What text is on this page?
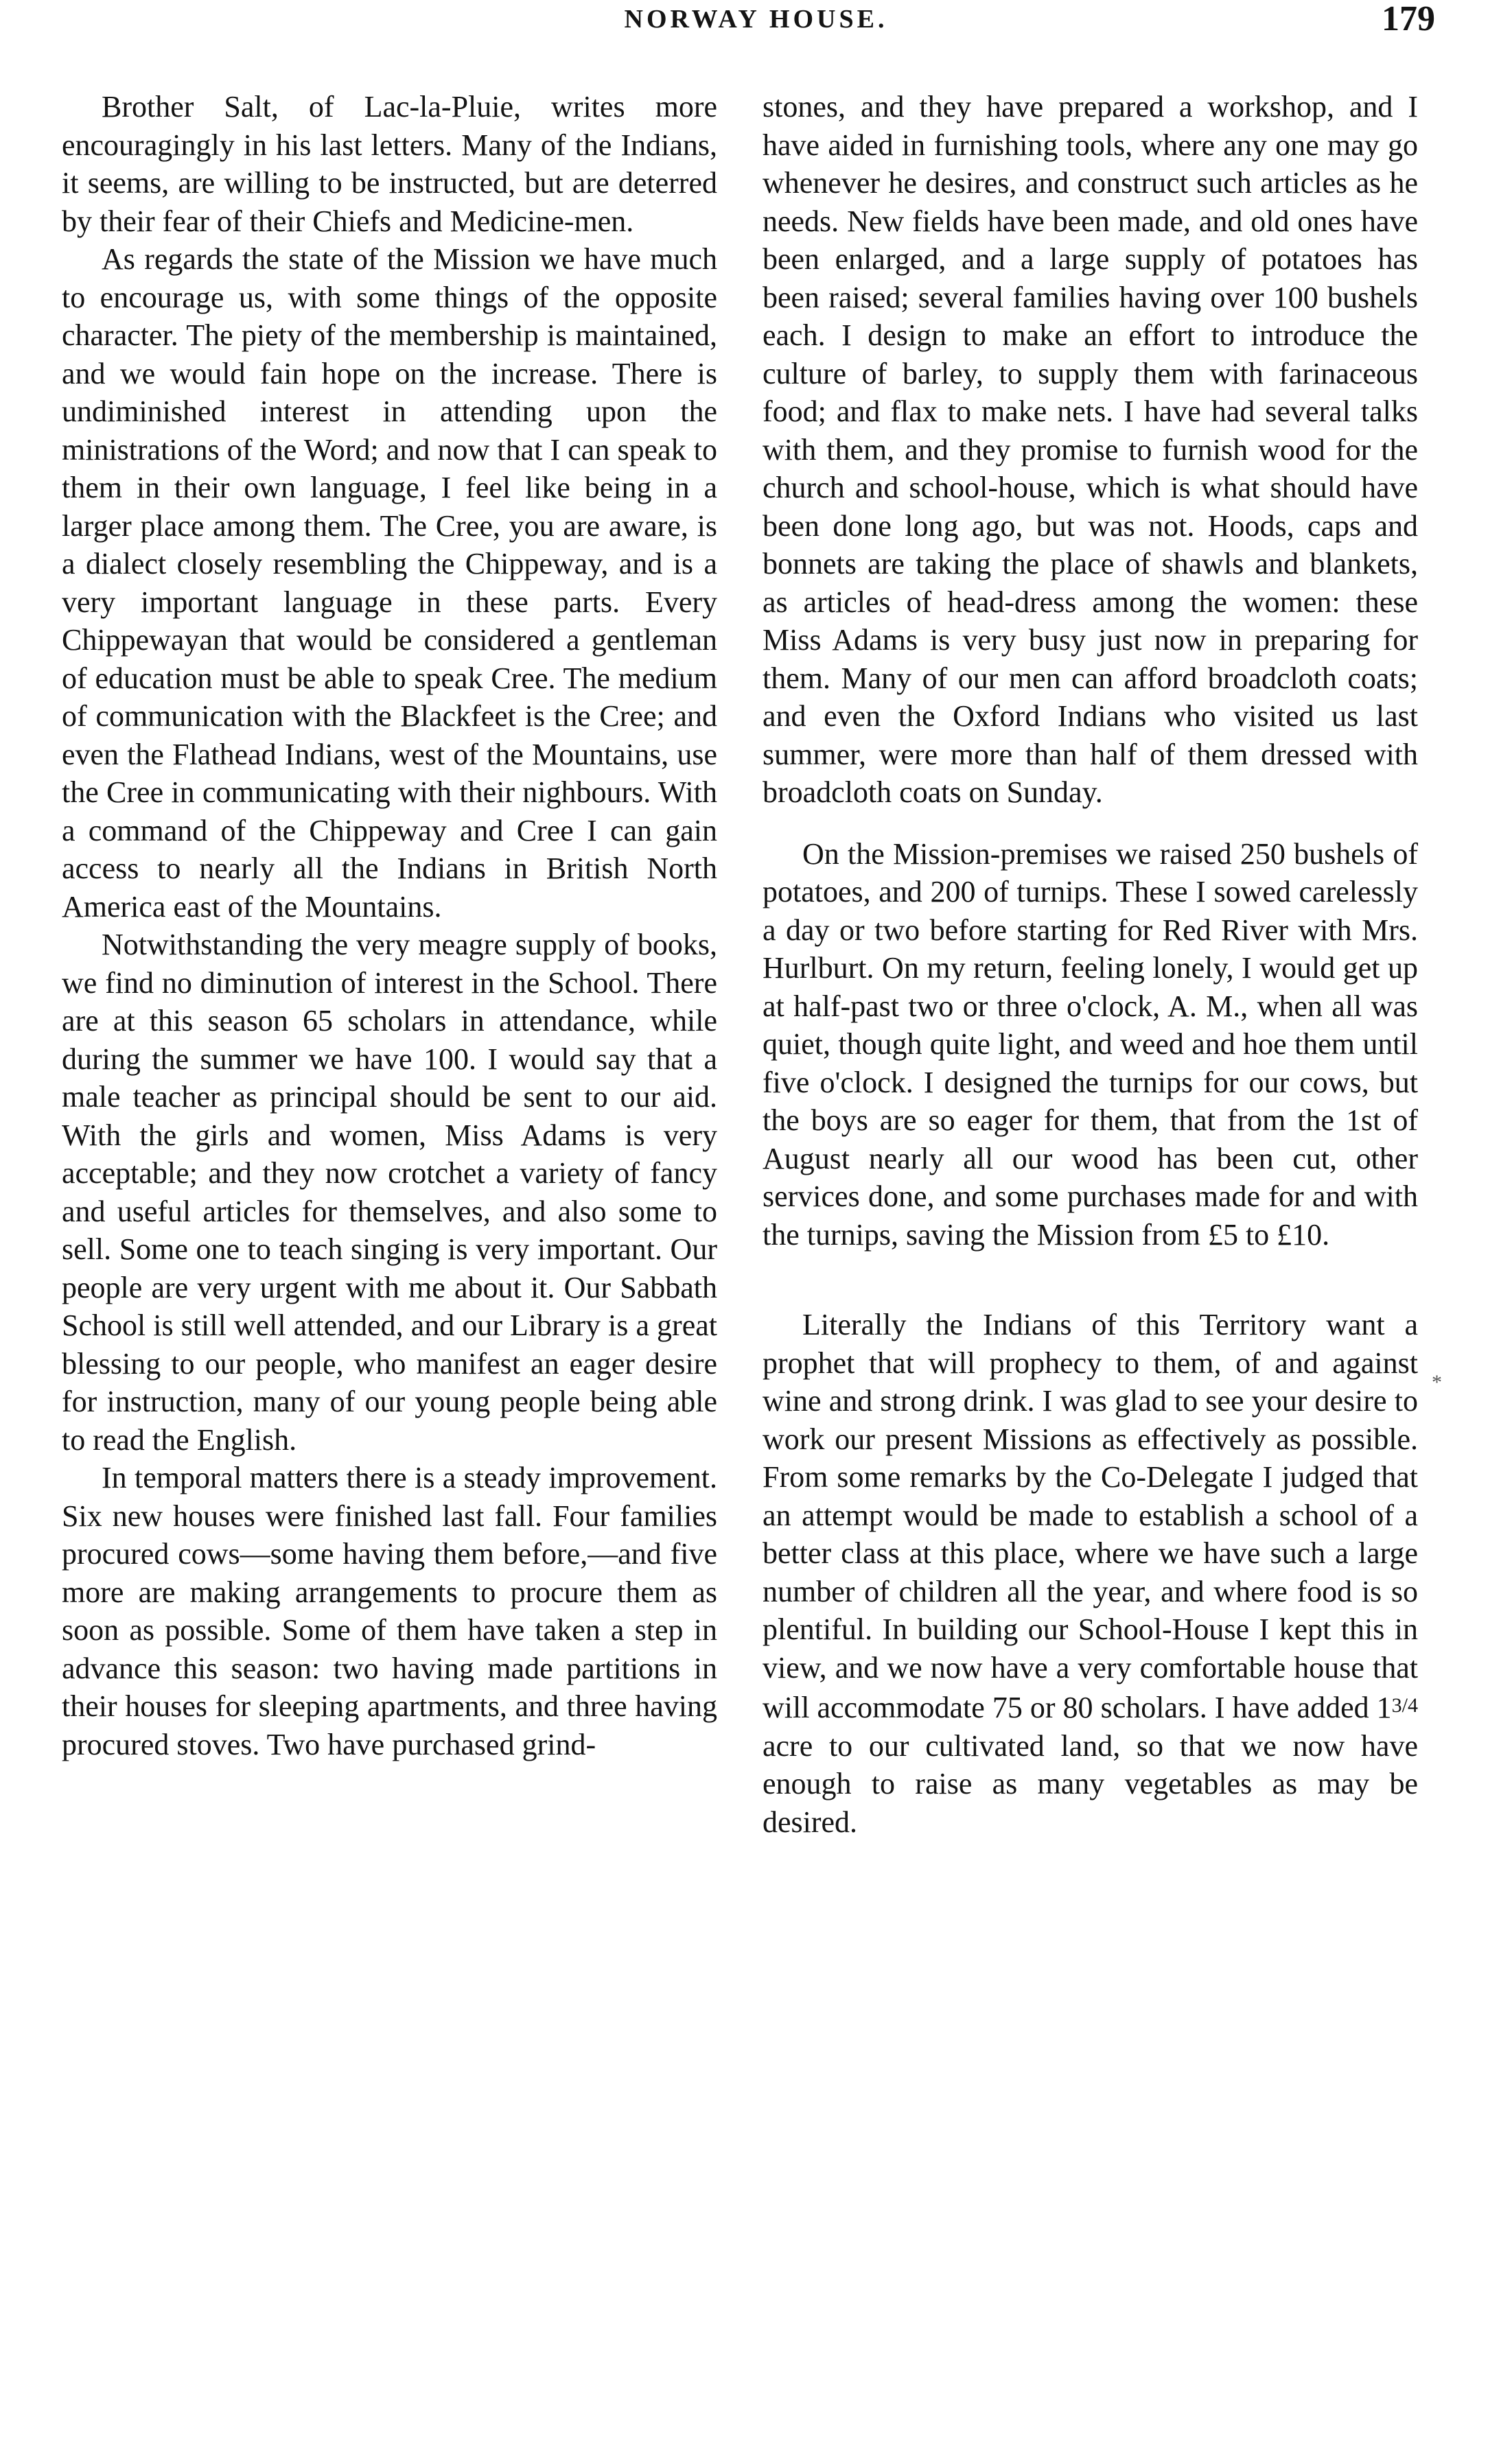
NORWAY HOUSE.	179

Brother Salt, of Lac-la-Pluie, writes more encouragingly in his last letters. Many of the Indians, it seems, are willing to be instructed, but are deterred by their fear of their Chiefs and Medicine-men.

As regards the state of the Mission we have much to encourage us, with some things of the opposite character. The piety of the membership is maintained, and we would fain hope on the increase. There is undiminished interest in attending upon the ministrations of the Word; and now that I can speak to them in their own language, I feel like being in a larger place among them. The Cree, you are aware, is a dialect closely resembling the Chippeway, and is a very important language in these parts. Every Chippewayan that would be considered a gentleman of education must be able to speak Cree. The medium of communication with the Blackfeet is the Cree; and even the Flathead Indians, west of the Mountains, use the Cree in communicating with their nighbours. With a command of the Chippeway and Cree I can gain access to nearly all the Indians in British North America east of the Mountains.

Notwithstanding the very meagre supply of books, we find no diminution of interest in the School. There are at this season 65 scholars in attendance, while during the summer we have 100. I would say that a male teacher as principal should be sent to our aid. With the girls and women, Miss Adams is very acceptable; and they now crotchet a variety of fancy and useful articles for themselves, and also some to sell. Some one to teach singing is very important. Our people are very urgent with me about it. Our Sabbath School is still well attended, and our Library is a great blessing to our people, who manifest an eager desire for instruction, many of our young people being able to read the English.

In temporal matters there is a steady improvement. Six new houses were finished last fall. Four families procured cows—some having them before,—and five more are making arrangements to procure them as soon as possible. Some of them have taken a step in advance this season: two having made partitions in their houses for sleeping apartments, and three having procured stoves. Two have purchased grind-

stones, and they have prepared a workshop, and I have aided in furnishing tools, where any one may go whenever he desires, and construct such articles as he needs. New fields have been made, and old ones have been enlarged, and a large supply of potatoes has been raised; several families having over 100 bushels each. I design to make an effort to introduce the culture of barley, to supply them with farinaceous food; and flax to make nets. I have had several talks with them, and they promise to furnish wood for the church and school-house, which is what should have been done long ago, but was not. Hoods, caps and bonnets are taking the place of shawls and blankets, as articles of head-dress among the women: these Miss Adams is very busy just now in preparing for them. Many of our men can afford broadcloth coats; and even the Oxford Indians who visited us last summer, were more than half of them dressed with broadcloth coats on Sunday.

On the Mission-premises we raised 250 bushels of potatoes, and 200 of turnips. These I sowed carelessly a day or two before starting for Red River with Mrs. Hurlburt. On my return, feeling lonely, I would get up at half-past two or three o'clock, A. M., when all was quiet, though quite light, and weed and hoe them until five o'clock. I designed the turnips for our cows, but the boys are so eager for them, that from the 1st of August nearly all our wood has been cut, other services done, and some purchases made for and with the turnips, saving the Mission from £5 to £10.

Literally the Indians of this Territory want a prophet that will prophecy to them, of and against wine and strong drink. I was glad to see your desire to work our present Missions as effectively as possible. From some remarks by the Co-Delegate I judged that an attempt would be made to establish a school of a better class at this place, where we have such a large number of children all the year, and where food is so plentiful. In building our School-House I kept this in view, and we now have a very comfortable house that will accommodate 75 or 80 scholars. I have added 13/4 acre to our cultivated land, so that we now have enough to raise as many vegetables as may be desired.

*
